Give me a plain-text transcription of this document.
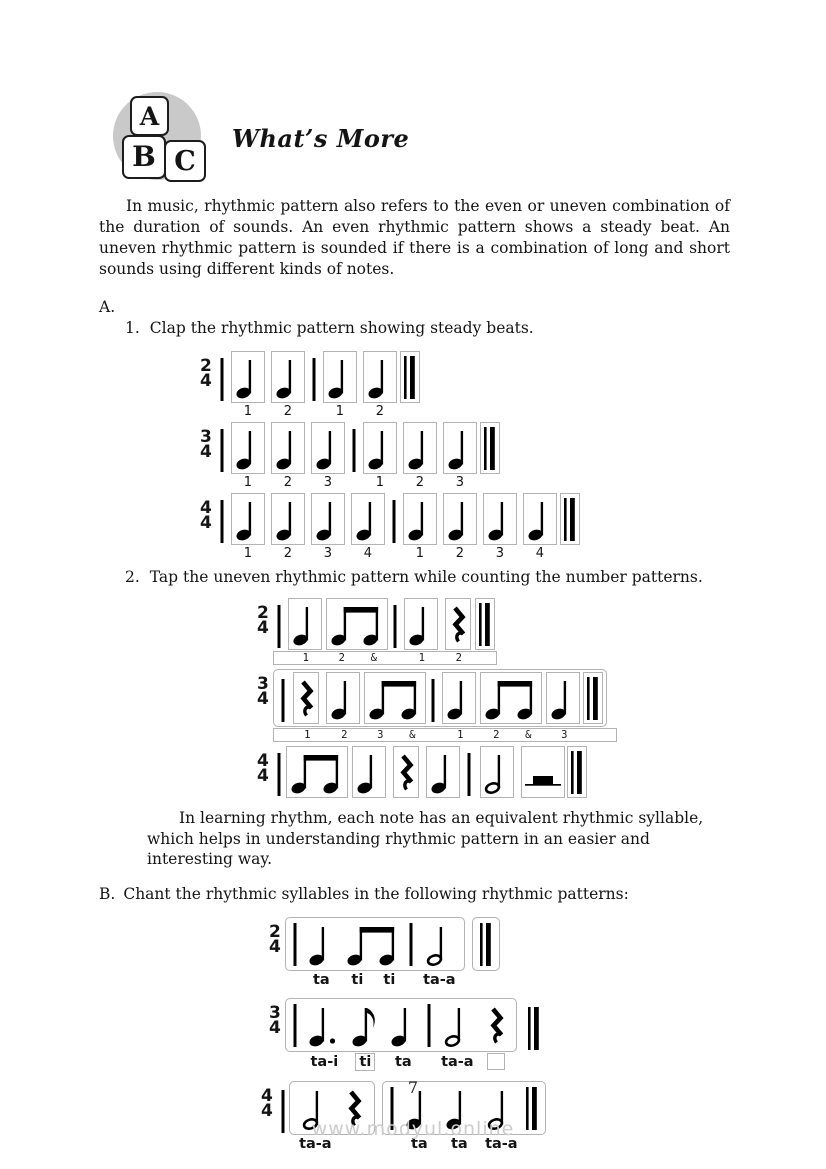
A
B C
What’s More

In music, rhythmic pattern also refers to the even or uneven combination of the duration of sounds. An even rhythmic pattern shows a steady beat. An uneven rhythmic pattern is sounded if there is a combination of long and short sounds using different kinds of notes.

A.
1. Clap the rhythmic pattern showing steady beats.
2
4
1 2	1 2
3
4
1 2 3	1 2 3
4
4
1 2 3 4	1 2 3 4
2. Tap the uneven rhythmic pattern while counting the number patterns.
2
4
1	2 &	1	2
3
4
1	2	3 &	1	2 &	3
4
4

In learning rhythm, each note has an equivalent rhythmic syllable, which helps in understanding rhythmic pattern in an easier and interesting way.

B. Chant the rhythmic syllables in the following rhythmic patterns:
2
4
ta ti ti ta-a
3
4
ta-i ti ta ta-a
4
4
ta-a	ta ta ta-a
7
www.modyul.online
